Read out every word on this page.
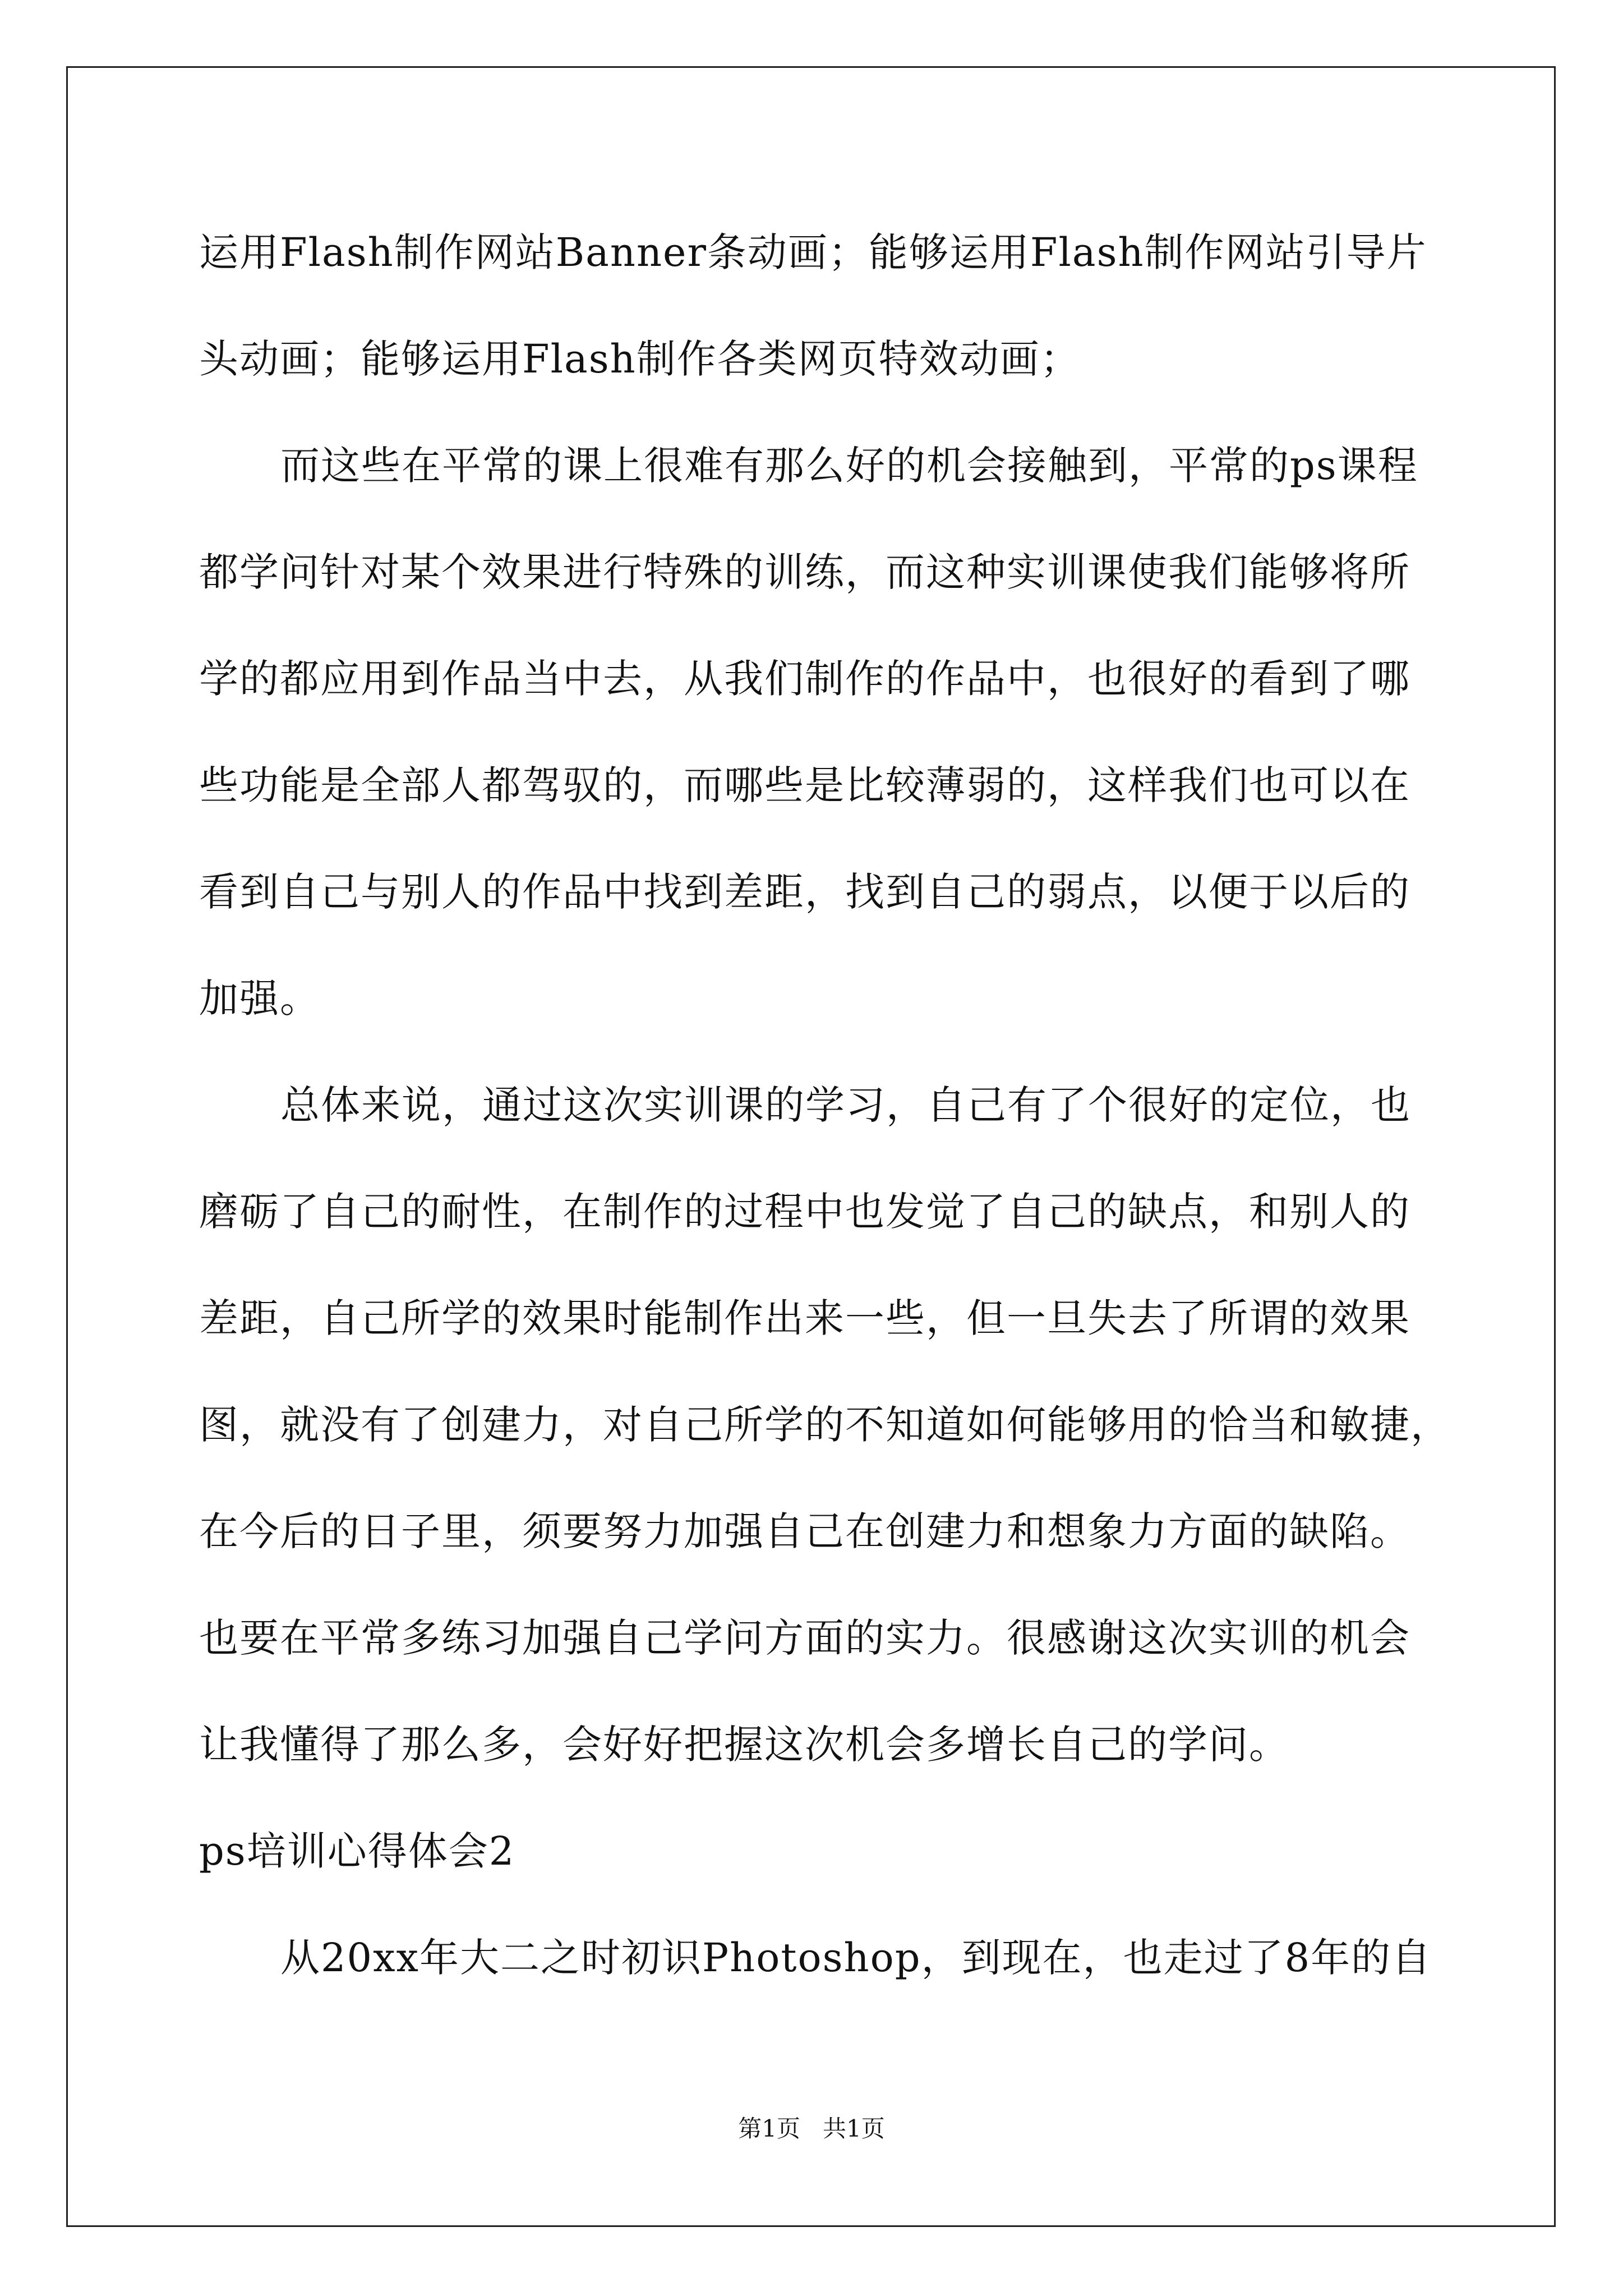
运用Flash制作网站Banner条动画；能够运用Flash制作网站引导片

头动画；能够运用Flash制作各类网页特效动画；

而这些在平常的课上很难有那么好的机会接触到，平常的ps课程

都学问针对某个效果进行特殊的训练，而这种实训课使我们能够将所

学的都应用到作品当中去，从我们制作的作品中，也很好的看到了哪

些功能是全部人都驾驭的，而哪些是比较薄弱的，这样我们也可以在

看到自己与别人的作品中找到差距，找到自己的弱点，以便于以后的

加强。

总体来说，通过这次实训课的学习，自己有了个很好的定位，也

磨砺了自己的耐性，在制作的过程中也发觉了自己的缺点，和别人的

差距，自己所学的效果时能制作出来一些，但一旦失去了所谓的效果

图，就没有了创建力，对自己所学的不知道如何能够用的恰当和敏捷，

在今后的日子里，须要努力加强自己在创建力和想象力方面的缺陷。

也要在平常多练习加强自己学问方面的实力。很感谢这次实训的机会

让我懂得了那么多，会好好把握这次机会多增长自己的学问。

ps培训心得体会2

从20xx年大二之时初识Photoshop，到现在，也走过了8年的自

第1页   共1页
